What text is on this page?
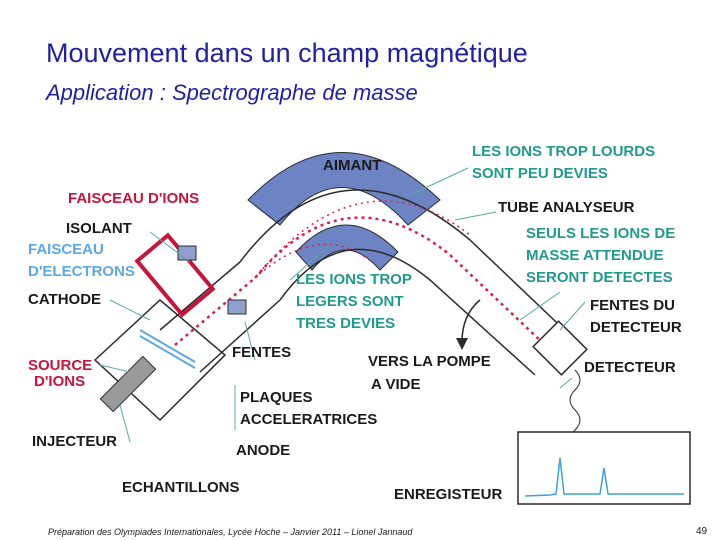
Mouvement dans un champ magnétique
Application : Spectrographe de masse
AIMANT
LES IONS TROP LOURDS
SONT PEU DEVIES
FAISCEAU D'IONS
TUBE ANALYSEUR
ISOLANT
FAISCEAU
D'ELECTRONS
SEULS LES IONS DE
MASSE ATTENDUE
SERONT DETECTES
LES IONS TROP
LEGERS SONT
TRES DEVIES
CATHODE	FENTES DU
DETECTEUR
FENTES
VERS LA POMPE
A VIDE
SOURCE
D'IONS
DETECTEUR
PLAQUES
ACCELERATRICES
INJECTEUR
ANODE
ECHANTILLONS	ENREGISTEUR
Préparation des Olympiades Internationales, Lycée Hoche – Janvier 2011 – Lionel Jannaud	49
